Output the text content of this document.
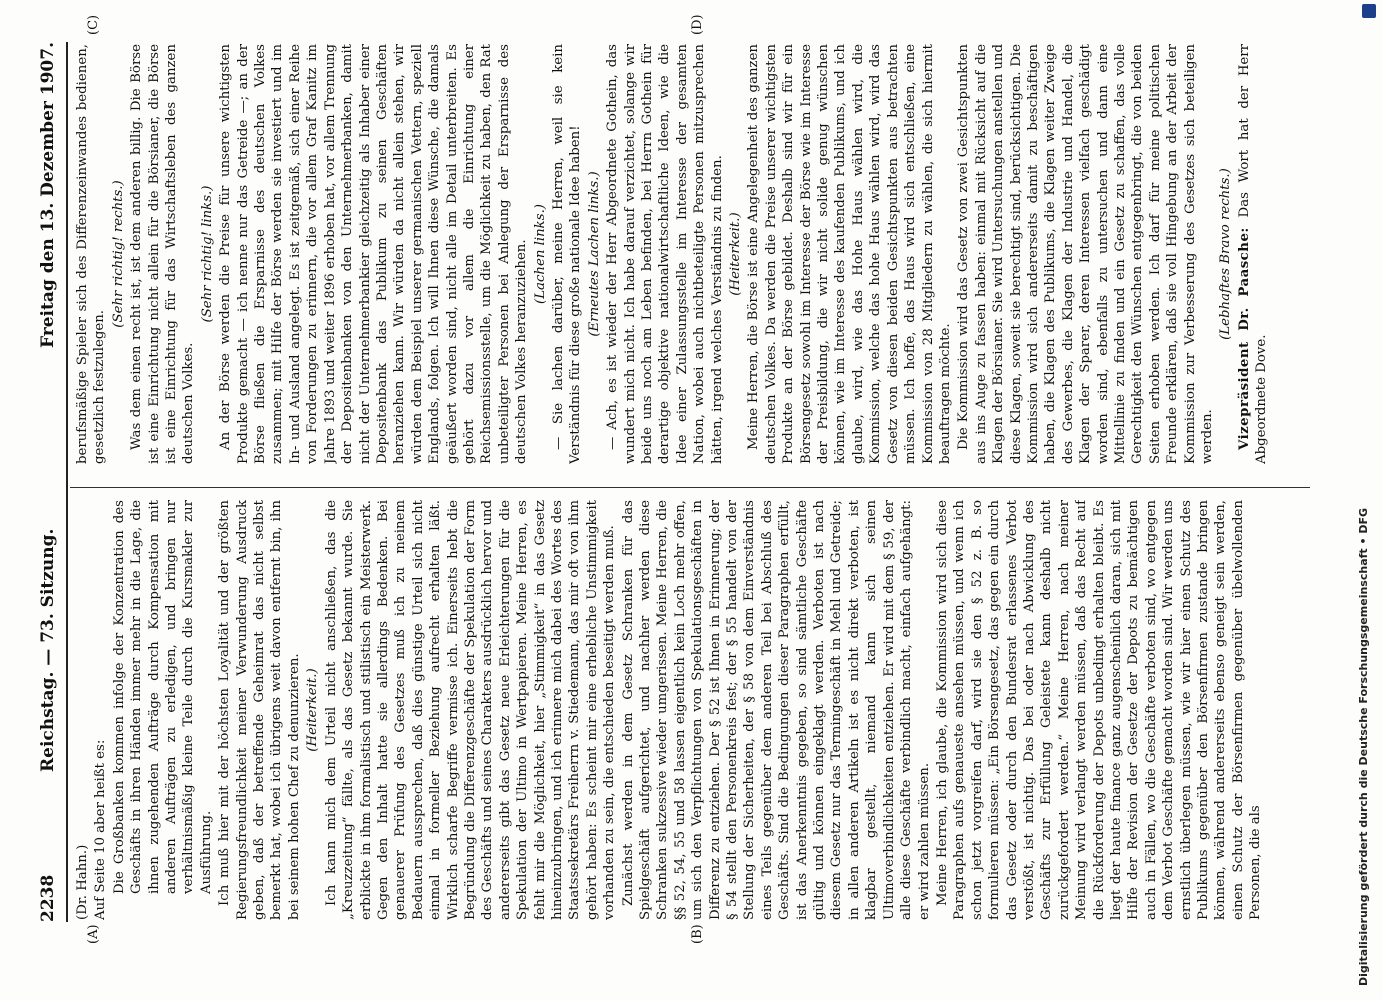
2238
Reichstag. — 73. Sitzung.
Freitag den 13. Dezember 1907.
(A)	(B)
(C)	(D)

(Dr. Hahn.) Auf Seite 10 aber heißt es: Die Großbanken kommen infolge der Konzentration des Geschäfts in ihren Händen immer mehr in die Lage, die ihnen zugehenden Aufträge durch Kompensation mit anderen Aufträgen zu erledigen, und bringen nur verhältnismäßig kleine Teile durch die Kursmakler zur Ausführung. Ich muß hier mit der höchsten Loyalität und der größten Regierungsfreundlichkeit meiner Verwunderung Ausdruck geben, daß der betreffende Geheimrat das nicht selbst bemerkt hat, wobei ich übrigens weit davon entfernt bin, ihn bei seinem hohen Chef zu denunzieren. (Heiterkeit.) Ich kann mich dem Urteil nicht anschließen, das die „Kreuzzeitung“ fällte, als das Gesetz bekannt wurde. Sie erblickte in ihm formalistisch und stilistisch ein Meisterwerk. Gegen den Inhalt hatte sie allerdings Bedenken. Bei genauerer Prüfung des Gesetzes muß ich zu meinem Bedauern aussprechen, daß dies günstige Urteil sich nicht einmal in formeller Beziehung aufrecht erhalten läßt. Wirklich scharfe Begriffe vermisse ich. Einerseits hebt die Begründung die Differenzgeschäfte der Spekulation der Form des Geschäfts und seines Charakters ausdrücklich hervor und andererseits gibt das Gesetz neue Erleichterungen für die Spekulation der Ultimo in Wertpapieren. Meine Herren, es fehlt mir die Möglichkeit, hier „Stimmigkeit“ in das Gesetz hineinzubringen, und ich erinnere mich dabei des Wortes des Staatssekretärs Freiherrn v. Stiedemann, das mir oft von ihm gehört haben: Es scheint mir eine erhebliche Unstimmigkeit vorhanden zu sein, die entschieden beseitigt werden muß. Zunächst werden in dem Gesetz Schranken für das Spielgeschäft aufgerichtet, und nachher werden diese Schranken sukzessive wieder umgerissen. Meine Herren, die §§ 52, 54, 55 und 58 lassen eigentlich kein Loch mehr offen, um sich den Verpflichtungen von Spekulationsgeschäften in Differenz zu entziehen. Der § 52 ist Ihnen in Erinnerung; der § 54 stellt den Personenkreis fest; der § 55 handelt von der Stellung der Sicherheiten, der § 58 von dem Einverständnis eines Teils gegenüber dem anderen Teil bei Abschluß des Geschäfts. Sind die Bedingungen dieser Paragraphen erfüllt, ist das Anerkenntnis gegeben, so sind sämtliche Geschäfte gültig und können eingeklagt werden. Verboten ist nach diesem Gesetz nur das Termingeschäft in Mehl und Getreide; in allen anderen Artikeln ist es nicht direkt verboten, ist klagbar gestellt, niemand kann sich seinen Ultimoverbindlichkeiten entziehen. Er wird mit dem § 59, der alle diese Geschäfte verbindlich macht, einfach aufgehängt: er wird zahlen müssen. Meine Herren, ich glaube, die Kommission wird sich diese Paragraphen aufs genaueste ansehen müssen, und wenn ich schon jetzt vorgreifen darf, wird sie den § 52 z. B. so formulieren müssen: „Ein Börsengesetz, das gegen ein durch das Gesetz oder durch den Bundesrat erlassenes Verbot verstößt, ist nichtig. Das bei oder nach Abwicklung des Geschäfts zur Erfüllung Geleistete kann deshalb nicht zurückgefordert werden.“ Meine Herren, nach meiner Meinung wird verlangt werden müssen, daß das Recht auf die Rückforderung der Depots unbedingt erhalten bleibt. Es liegt der haute finance ganz augenscheinlich daran, sich mit Hilfe der Revision der Gesetze der Depots zu bemächtigen auch in Fällen, wo die Geschäfte verboten sind, wo entgegen dem Verbot Geschäfte gemacht worden sind. Wir werden uns ernstlich überlegen müssen, wie wir hier einen Schutz des Publikums gegenüber den Börsenfirmen zustande bringen können, während andererseits ebenso geneigt sein werden, einen Schutz der Börsenfirmen gegenüber übelwollenden Personen, die als

berufsmäßige Spieler sich des Differenzeinwandes bedienen, gesetzlich festzulegen.

(Sehr richtig! rechts.) Was dem einen recht ist, ist dem anderen billig. Die Börse ist eine Einrichtung nicht allein für die Börsianer, die Börse ist eine Einrichtung für das Wirtschaftsleben des ganzen deutschen Volkes.

(Sehr richtig! links.) An der Börse werden die Preise für unsere wichtigsten Produkte gemacht — ich nenne nur das Getreide —; an der Börse fließen die Ersparnisse des deutschen Volkes zusammen; mit Hilfe der Börse werden sie investiert und im In- und Ausland angelegt. Es ist zeitgemäß, sich einer Reihe von Forderungen zu erinnern, die vor allem Graf Kanitz im Jahre 1893 und weiter 1896 erhoben hat, vor allem Trennung der Depositenbanken von den Unternehmerbanken, damit nicht der Unternehmerbankier gleichzeitig als Inhaber einer Depositenbank das Publikum zu seinen Geschäften heranziehen kann. Wir würden da nicht allein stehen, wir würden dem Beispiel unserer germanischen Vettern, speziell Englands, folgen. Ich will Ihnen diese Wünsche, die damals geäußert worden sind, nicht alle im Detail unterbreiten. Es gehört dazu vor allem die Einrichtung einer Reichsemissionsstelle, um die Möglichkeit zu haben, den Rat unbeteiligter Personen bei Anlegung der Ersparnisse des deutschen Volkes heranzuziehen. (Lachen links.) — Sie lachen darüber, meine Herren, weil sie kein Verständnis für diese große nationale Idee haben! (Erneutes Lachen links.) — Ach, es ist wieder der Herr Abgeordnete Gothein, das wundert mich nicht. Ich habe darauf verzichtet, solange wir beide uns noch am Leben befinden, bei Herrn Gothein für derartige objektive nationalwirtschaftliche Ideen, wie die Idee einer Zulassungsstelle im Interesse der gesamten Nation, wobei auch nichtbeteiligte Personen mitzusprechen hätten, irgend welches Verständnis zu finden. (Heiterkeit.) Meine Herren, die Börse ist eine Angelegenheit des ganzen deutschen Volkes. Da werden die Preise unserer wichtigsten Produkte an der Börse gebildet. Deshalb sind wir für ein Börsengesetz sowohl im Interesse der Börse wie im Interesse der Preisbildung, die wir nicht solide genug wünschen können, wie im Interesse des kaufenden Publikums, und ich glaube, wird, wie das Hohe Haus wählen wird, die Kommission, welche das hohe Haus wählen wird, wird das Gesetz von diesen beiden Gesichtspunkten aus betrachten müssen. Ich hoffe, das Haus wird sich entschließen, eine Kommission von 28 Mitgliedern zu wählen, die sich hiermit beauftragen möchte. Die Kommission wird das Gesetz von zwei Gesichtspunkten aus ins Auge zu fassen haben: einmal mit Rücksicht auf die Klagen der Börsianer. Sie wird Untersuchungen anstellen und diese Klagen, soweit sie berechtigt sind, berücksichtigen. Die Kommission wird sich andererseits damit zu beschäftigen haben, die Klagen des Publikums, die Klagen weiter Zweige des Gewerbes, die Klagen der Industrie und Handel, die Klagen der Sparer, deren Interessen vielfach geschädigt worden sind, ebenfalls zu untersuchen und dann eine Mittellinie zu finden und ein Gesetz zu schaffen, das volle Gerechtigkeit den Wünschen entgegenbringt, die von beiden Seiten erhoben werden. Ich darf für meine politischen Freunde erklären, daß sie voll Hingebung an der Arbeit der Kommission zur Verbesserung des Gesetzes sich beteiligen werden.

(Lebhaftes Bravo rechts.) Vizepräsident Dr. Paasche: Das Wort hat der Herr Abgeordnete Dove.

Digitalisierung gefördert durch die Deutsche Forschungsgemeinschaft • DFG
